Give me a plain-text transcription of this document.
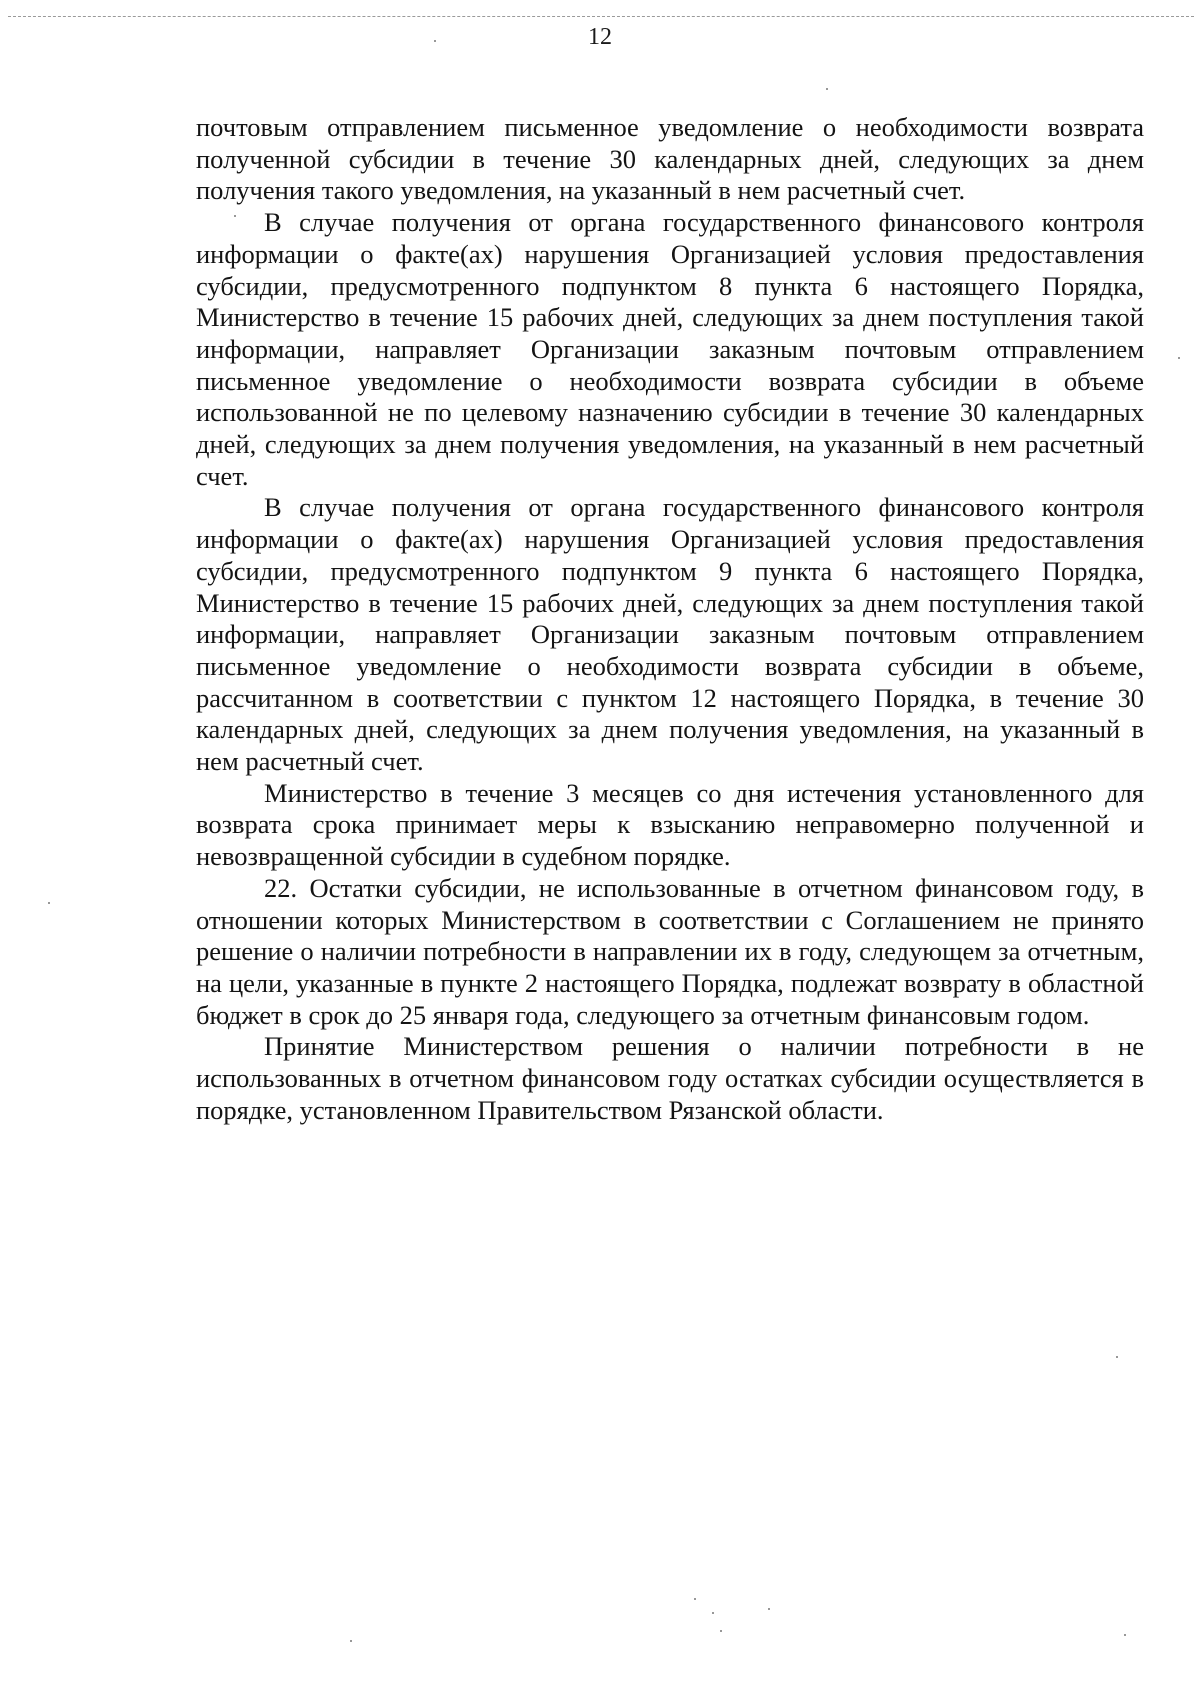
12

почтовым отправлением письменное уведомление о необходимости возврата полученной субсидии в течение 30 календарных дней, следующих за днем получения такого уведомления, на указанный в нем расчетный счет.

В случае получения от органа государственного финансового контроля информации о факте(ах) нарушения Организацией условия предоставления субсидии, предусмотренного подпунктом 8 пункта 6 настоящего Порядка, Министерство в течение 15 рабочих дней, следующих за днем поступления такой информации, направляет Организации заказным почтовым отправлением письменное уведомление о необходимости возврата субсидии в объеме использованной не по целевому назначению субсидии в течение 30 календарных дней, следующих за днем получения уведомления, на указанный в нем расчетный счет.

В случае получения от органа государственного финансового контроля информации о факте(ах) нарушения Организацией условия предоставления субсидии, предусмотренного подпунктом 9 пункта 6 настоящего Порядка, Министерство в течение 15 рабочих дней, следующих за днем поступления такой информации, направляет Организации заказным почтовым отправлением письменное уведомление о необходимости возврата субсидии в объеме, рассчитанном в соответствии с пунктом 12 настоящего Порядка, в течение 30 календарных дней, следующих за днем получения уведомления, на указанный в нем расчетный счет.

Министерство в течение 3 месяцев со дня истечения установленного для возврата срока принимает меры к взысканию неправомерно полученной и невозвращенной субсидии в судебном порядке.

22. Остатки субсидии, не использованные в отчетном финансовом году, в отношении которых Министерством в соответствии с Соглашением не принято решение о наличии потребности в направлении их в году, следующем за отчетным, на цели, указанные в пункте 2 настоящего Порядка, подлежат возврату в областной бюджет в срок до 25 января года, следующего за отчетным финансовым годом.

Принятие Министерством решения о наличии потребности в не использованных в отчетном финансовом году остатках субсидии осуществляется в порядке, установленном Правительством Рязанской области.
